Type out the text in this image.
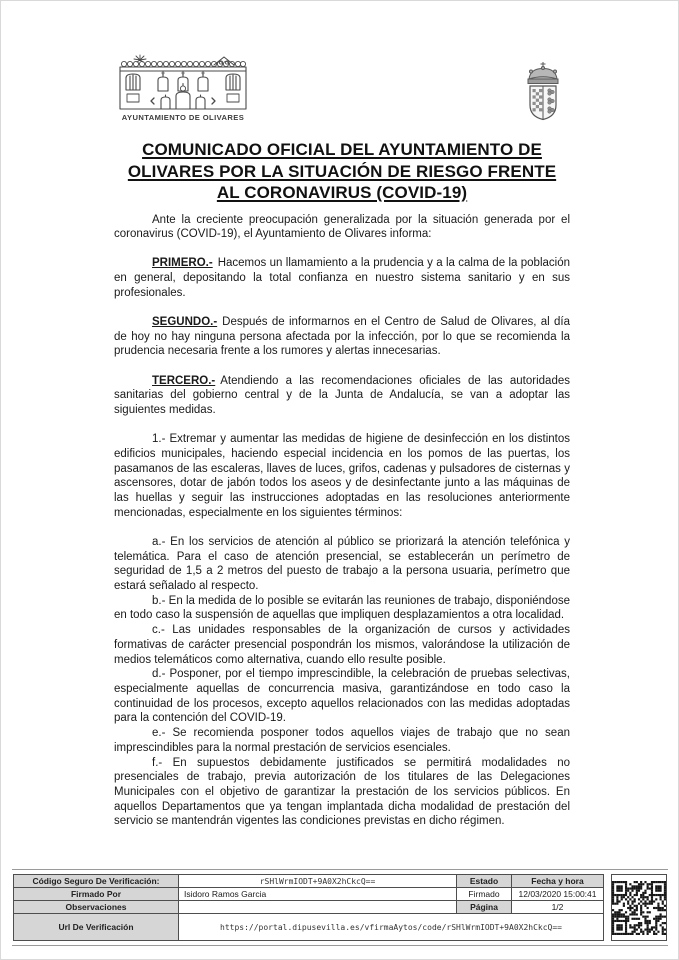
AYUNTAMIENTO DE OLIVARES
COMUNICADO OFICIAL DEL AYUNTAMIENTO DE
OLIVARES POR LA SITUACIÓN DE RIESGO FRENTE
AL CORONAVIRUS (COVID-19)

Ante la creciente preocupación generalizada por la situación generada por el coronavirus (COVID-19), el Ayuntamiento de Olivares informa:

PRIMERO.- Hacemos un llamamiento a la prudencia y a la calma de la población en general, depositando la total confianza en nuestro sistema sanitario y en sus profesionales.

SEGUNDO.- Después de informarnos en el Centro de Salud de Olivares, al día de hoy no hay ninguna persona afectada por la infección, por lo que se recomienda la prudencia necesaria frente a los rumores y alertas innecesarias.

TERCERO.- Atendiendo a las recomendaciones oficiales de las autoridades sanitarias del gobierno central y de la Junta de Andalucía, se van a adoptar las siguientes medidas.

1.- Extremar y aumentar las medidas de higiene de desinfección en los distintos edificios municipales, haciendo especial incidencia en los pomos de las puertas, los pasamanos de las escaleras, llaves de luces, grifos, cadenas y pulsadores de cisternas y ascensores, dotar de jabón todos los aseos y de desinfectante junto a las máquinas de las huellas y seguir las instrucciones adoptadas en las resoluciones anteriormente mencionadas, especialmente en los siguientes términos:

a.- En los servicios de atención al público se priorizará la atención telefónica y telemática. Para el caso de atención presencial, se establecerán un perímetro de seguridad de 1,5 a 2 metros del puesto de trabajo a la persona usuaria, perímetro que estará señalado al respecto.

b.- En la medida de lo posible se evitarán las reuniones de trabajo, disponiéndose en todo caso la suspensión de aquellas que impliquen desplazamientos a otra localidad.

c.- Las unidades responsables de la organización de cursos y actividades formativas de carácter presencial pospondrán los mismos, valorándose la utilización de medios telemáticos como alternativa, cuando ello resulte posible.

d.- Posponer, por el tiempo imprescindible, la celebración de pruebas selectivas, especialmente aquellas de concurrencia masiva, garantizándose en todo caso la continuidad de los procesos, excepto aquellos relacionados con las medidas adoptadas para la contención del COVID-19.

e.- Se recomienda posponer todos aquellos viajes de trabajo que no sean imprescindibles para la normal prestación de servicios esenciales.

f.- En supuestos debidamente justificados se permitirá modalidades no presenciales de trabajo, previa autorización de los titulares de las Delegaciones Municipales con el objetivo de garantizar la prestación de los servicios públicos. En aquellos Departamentos que ya tengan implantada dicha modalidad de prestación del servicio se mantendrán vigentes las condiciones previstas en dicho régimen.

Código Seguro De Verificación:	rSHlWrmIODT+9A0X2hCkcQ==	Estado	Fecha y hora
Firmado Por	Isidoro Ramos Garcia	Firmado	12/03/2020 15:00:41
Observaciones		Página	1/2
Url De Verificación	https://portal.dipusevilla.es/vfirmaAytos/code/rSHlWrmIODT+9A0X2hCkcQ==		
